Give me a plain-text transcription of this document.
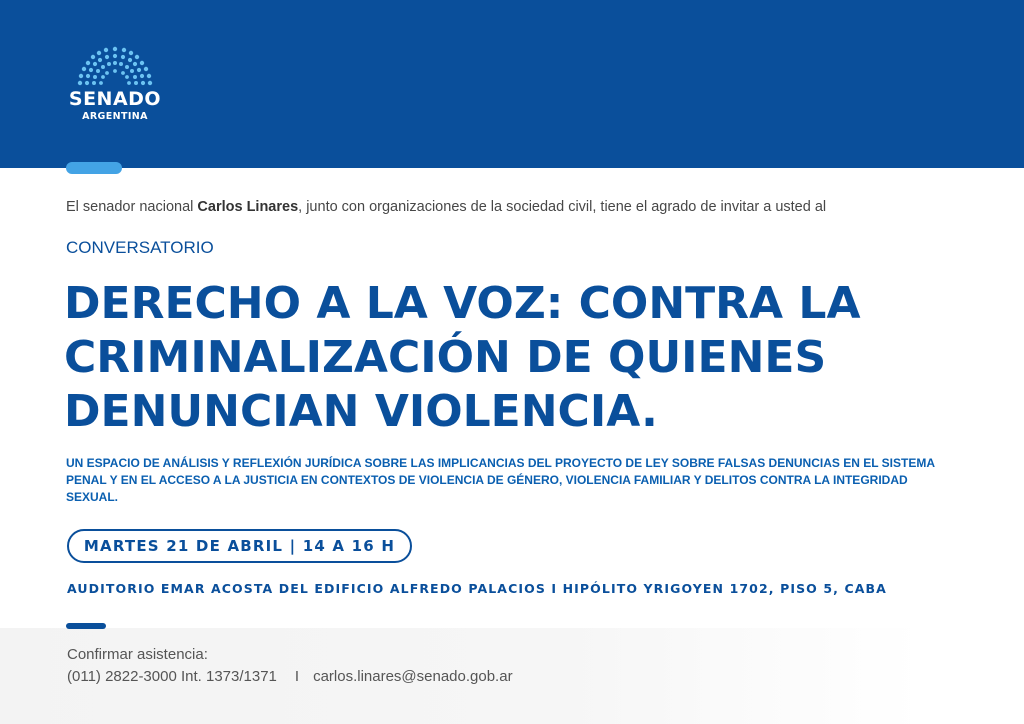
SENADO
ARGENTINA
El senador nacional Carlos Linares, junto con organizaciones de la sociedad civil, tiene el agrado de invitar a usted al
CONVERSATORIO
DERECHO A LA VOZ: CONTRA LA
CRIMINALIZACIÓN DE QUIENES
DENUNCIAN VIOLENCIA.
UN ESPACIO DE ANÁLISIS Y REFLEXIÓN JURÍDICA SOBRE LAS IMPLICANCIAS DEL PROYECTO DE LEY SOBRE FALSAS DENUNCIAS EN EL SISTEMA PENAL Y EN EL ACCESO A LA JUSTICIA EN CONTEXTOS DE VIOLENCIA DE GÉNERO, VIOLENCIA FAMILIAR Y DELITOS CONTRA LA INTEGRIDAD SEXUAL.
MARTES 21 DE ABRIL | 14 A 16 H
AUDITORIO EMAR ACOSTA DEL EDIFICIO ALFREDO PALACIOS I HIPÓLITO YRIGOYEN 1702, PISO 5, CABA
Confirmar asistencia:
(011) 2822-3000 Int. 1373/1371 I carlos.linares@senado.gob.ar
